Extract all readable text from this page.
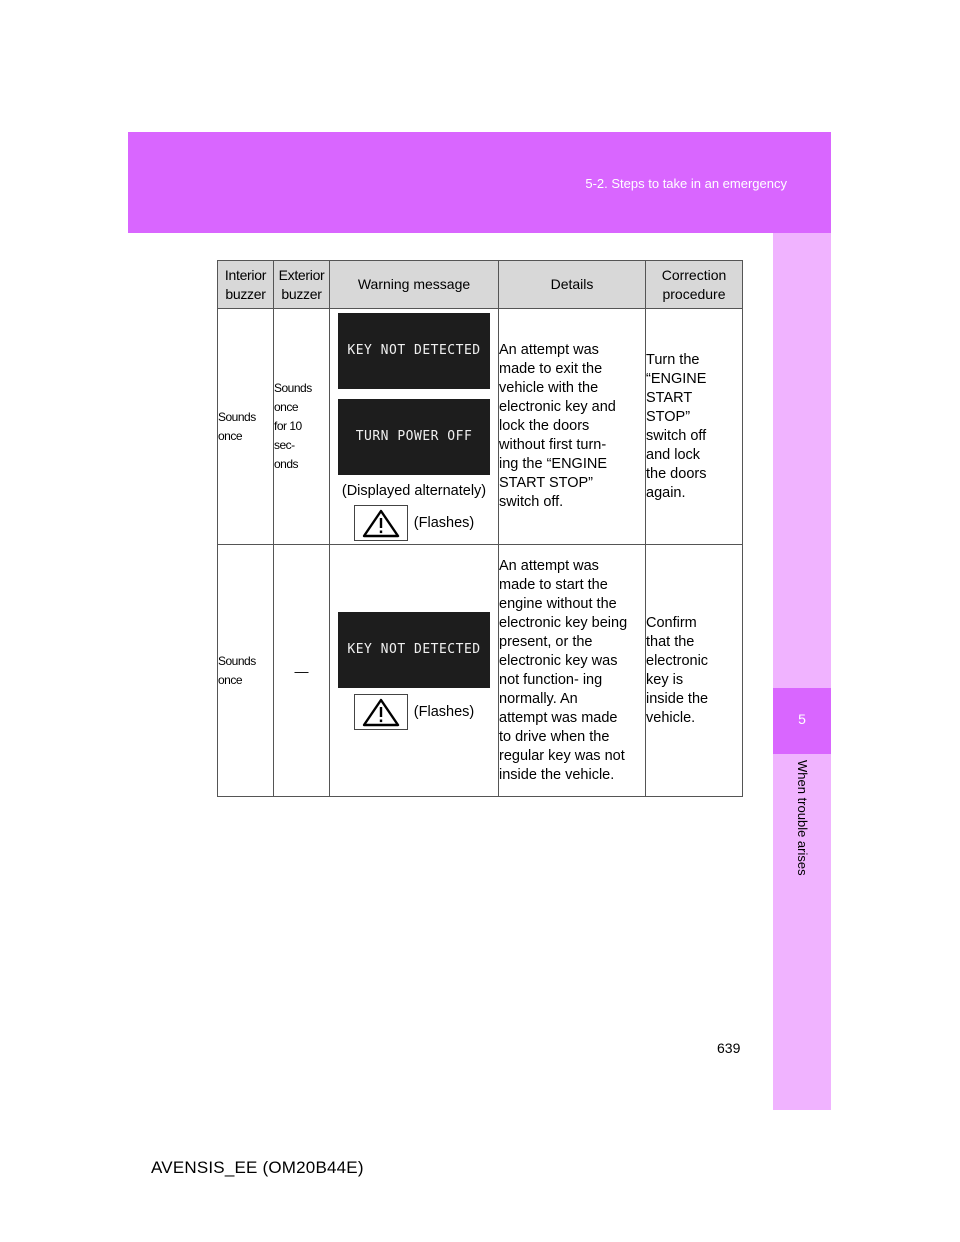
5-2. Steps to take in an emergency
5
When trouble arises
Interior buzzer	Exterior buzzer	Warning message	Details	Correction procedure

Sounds once	Sounds once for 10 sec- onds	KEY NOT DETECTED
TURN POWER OFF
(Displayed alternately)
(Flashes)	An attempt was made to exit the vehicle with the electronic key and lock the doors without first turn- ing the “ENGINE START STOP” switch off.	Turn the “ENGINE START STOP” switch off and lock the doors again.

Sounds once	—	KEY NOT DETECTED
(Flashes)	An attempt was made to start the engine without the electronic key being present, or the electronic key was not function- ing normally. An attempt was made to drive when the regular key was not inside the vehicle.	Confirm that the electronic key is inside the vehicle.
639
AVENSIS_EE (OM20B44E)
